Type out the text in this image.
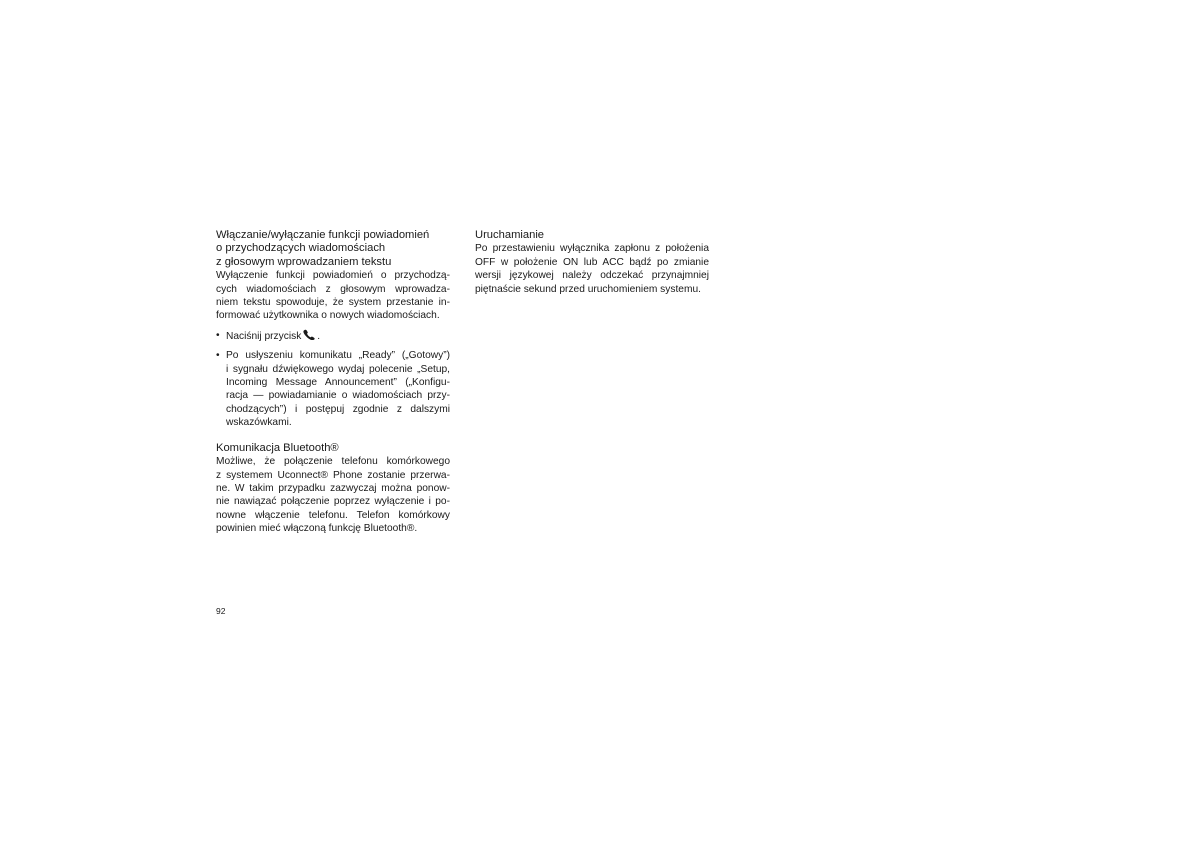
Włączanie/wyłączanie funkcji powiadomień
o przychodzących wiadomościach
z głosowym wprowadzaniem tekstu

Wyłączenie funkcji powiadomień o przychodzą-
cych wiadomościach z głosowym wprowadza-
niem tekstu spowoduje, że system przestanie in-
formować użytkownika o nowych wiadomościach.

• Naciśnij przycisk .
• Po usłyszeniu komunikatu „Ready” („Gotowy”)
i sygnału dźwiękowego wydaj polecenie „Setup,
Incoming Message Announcement” („Konfigu-
racja — powiadamianie o wiadomościach przy-
chodzących”) i postępuj zgodnie z dalszymi
wskazówkami.
Komunikacja Bluetooth®

Możliwe, że połączenie telefonu komórkowego
z systemem Uconnect® Phone zostanie przerwa-
ne. W takim przypadku zazwyczaj można ponow-
nie nawiązać połączenie poprzez wyłączenie i po-
nowne włączenie telefonu. Telefon komórkowy
powinien mieć włączoną funkcję Bluetooth®.

Uruchamianie

Po przestawieniu wyłącznika zapłonu z położenia
OFF w położenie ON lub ACC bądź po zmianie
wersji językowej należy odczekać przynajmniej
piętnaście sekund przed uruchomieniem systemu.

92
